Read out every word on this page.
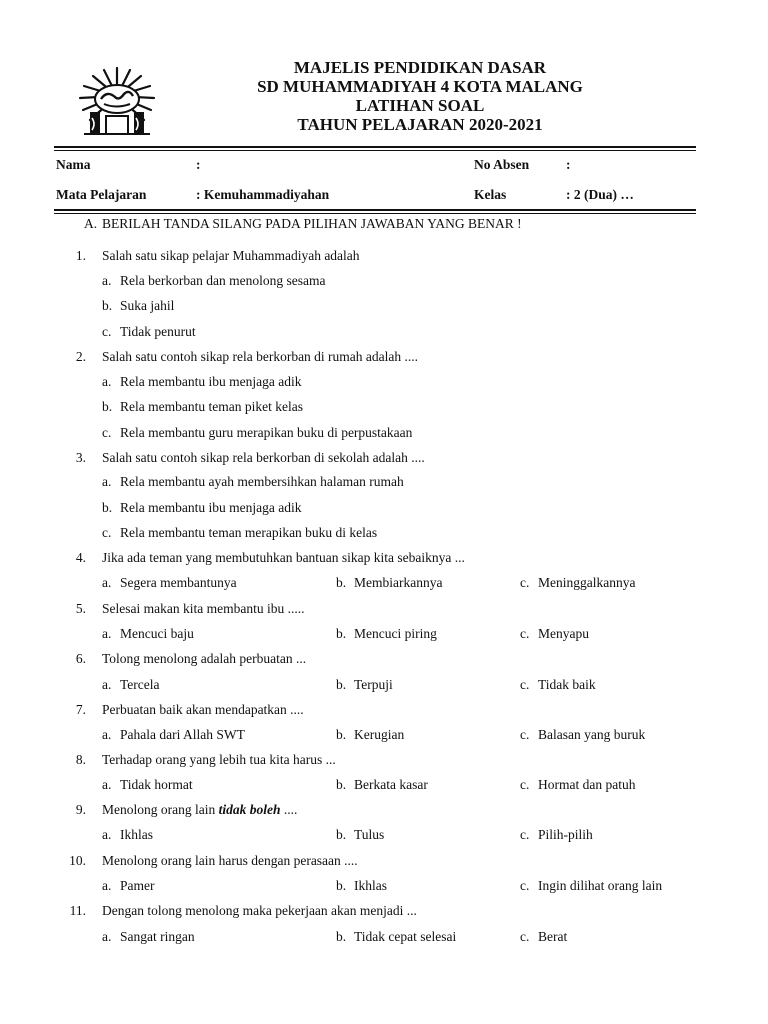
MAJELIS PENDIDIKAN DASAR
SD MUHAMMADIYAH 4 KOTA MALANG
LATIHAN SOAL
TAHUN PELAJARAN 2020-2021
Nama	:	No Absen	:
Mata Pelajaran	: Kemuhammadiyahan	Kelas	: 2 (Dua) …
A. BERILAH TANDA SILANG PADA PILIHAN JAWABAN YANG BENAR !
1. Salah satu sikap pelajar Muhammadiyah adalah
a. Rela berkorban dan menolong sesama
b. Suka jahil
c. Tidak penurut
2. Salah satu contoh sikap rela berkorban di rumah adalah ....
a. Rela membantu ibu menjaga adik
b. Rela membantu teman piket kelas
c. Rela membantu guru merapikan buku di perpustakaan
3. Salah satu contoh sikap rela berkorban di sekolah adalah ....
a. Rela membantu ayah membersihkan halaman rumah
b. Rela membantu ibu menjaga adik
c. Rela membantu teman merapikan buku di kelas
4. Jika ada teman yang membutuhkan bantuan sikap kita sebaiknya ...
a. Segera membantunya	b. Membiarkannya	c. Meninggalkannya
5. Selesai makan kita membantu ibu .....
a. Mencuci baju	b. Mencuci piring	c. Menyapu
6. Tolong menolong adalah perbuatan ...
a. Tercela	b. Terpuji	c. Tidak baik
7. Perbuatan baik akan mendapatkan ....
a. Pahala dari Allah SWT	b. Kerugian	c. Balasan yang buruk
8. Terhadap orang yang lebih tua kita harus ...
a. Tidak hormat	b. Berkata kasar	c. Hormat dan patuh
9. Menolong orang lain tidak boleh ....
a. Ikhlas	b. Tulus	c. Pilih-pilih
10. Menolong orang lain harus dengan perasaan ....
a. Pamer	b. Ikhlas	c. Ingin dilihat orang lain
11. Dengan tolong menolong maka pekerjaan akan menjadi ...
a. Sangat ringan	b. Tidak cepat selesai	c. Berat
